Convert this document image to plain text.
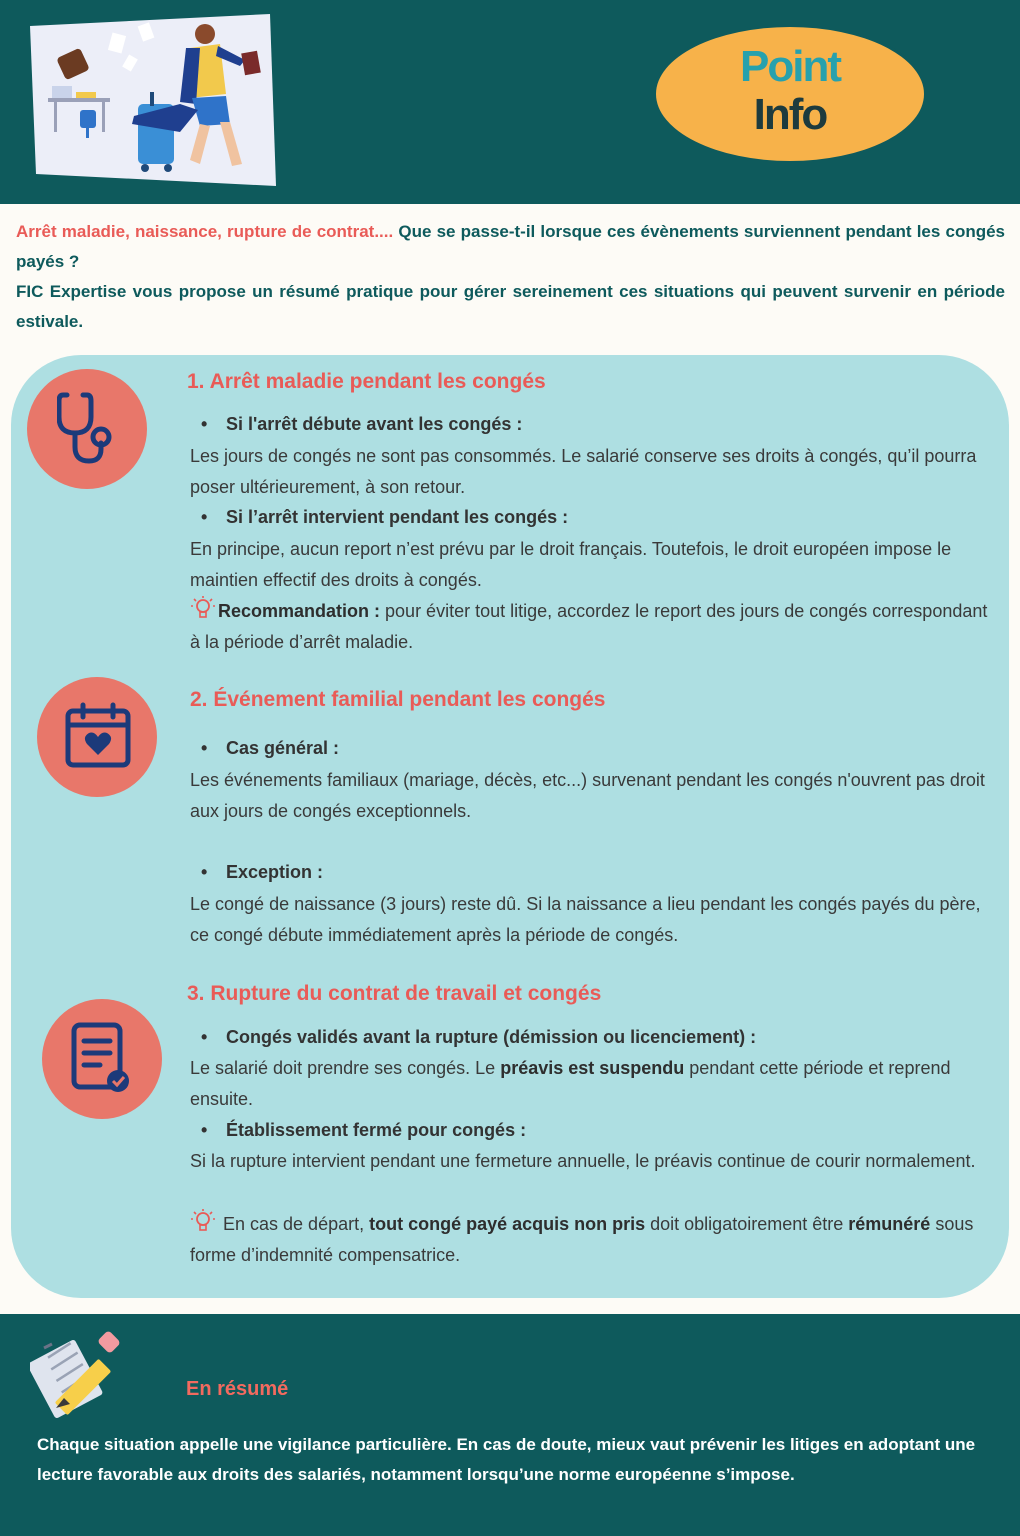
Point
Info
Arrêt maladie, naissance, rupture de contrat.... Que se passe-t-il lorsque ces évènements surviennent pendant les congés payés ?
FIC Expertise vous propose un résumé pratique pour gérer sereinement ces situations qui peuvent survenir en période estivale.
1. Arrêt maladie pendant les congés
• Si l'arrêt débute avant les congés :
Les jours de congés ne sont pas consommés. Le salarié conserve ses droits à congés, qu’il pourra poser ultérieurement, à son retour.
• Si l’arrêt intervient pendant les congés :
En principe, aucun report n’est prévu par le droit français. Toutefois, le droit européen impose le maintien effectif des droits à congés.
Recommandation : pour éviter tout litige, accordez le report des jours de congés correspondant à la période d’arrêt maladie.
2. Événement familial pendant les congés
• Cas général :
Les événements familiaux (mariage, décès, etc...) survenant pendant les congés n'ouvrent pas droit aux jours de congés exceptionnels.
• Exception :
Le congé de naissance (3 jours) reste dû. Si la naissance a lieu pendant les congés payés du père, ce congé débute immédiatement après la période de congés.
3. Rupture du contrat de travail et congés
• Congés validés avant la rupture (démission ou licenciement) :
Le salarié doit prendre ses congés. Le préavis est suspendu pendant cette période et reprend ensuite.
• Établissement fermé pour congés :
Si la rupture intervient pendant une fermeture annuelle, le préavis continue de courir normalement.
En cas de départ, tout congé payé acquis non pris doit obligatoirement être rémunéré sous forme d’indemnité compensatrice.
En résumé
Chaque situation appelle une vigilance particulière. En cas de doute, mieux vaut prévenir les litiges en adoptant une lecture favorable aux droits des salariés, notamment lorsqu’une norme européenne s’impose.
